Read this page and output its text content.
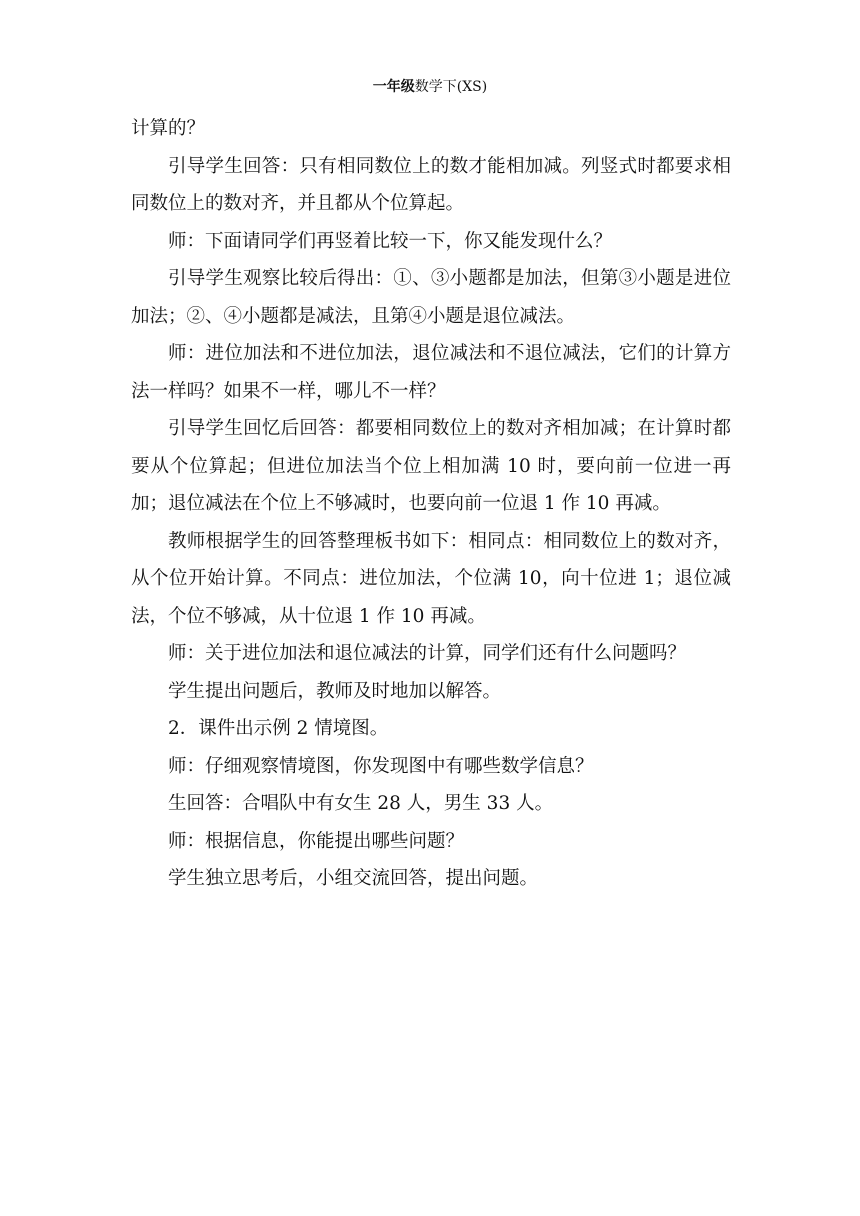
一年级数学下(XS)

计算的？

引导学生回答：只有相同数位上的数才能相加减。列竖式时都要求相同数位上的数对齐，并且都从个位算起。

师：下面请同学们再竖着比较一下，你又能发现什么？

引导学生观察比较后得出：①、③小题都是加法，但第③小题是进位加法；②、④小题都是减法，且第④小题是退位减法。

师：进位加法和不进位加法，退位减法和不退位减法，它们的计算方法一样吗？如果不一样，哪儿不一样？

引导学生回忆后回答：都要相同数位上的数对齐相加减；在计算时都要从个位算起；但进位加法当个位上相加满 10 时，要向前一位进一再加；退位减法在个位上不够减时，也要向前一位退 1 作 10 再减。

教师根据学生的回答整理板书如下：相同点：相同数位上的数对齐，从个位开始计算。不同点：进位加法，个位满 10，向十位进 1；退位减法，个位不够减，从十位退 1 作 10 再减。

师：关于进位加法和退位减法的计算，同学们还有什么问题吗？

学生提出问题后，教师及时地加以解答。

2．课件出示例 2 情境图。

师：仔细观察情境图，你发现图中有哪些数学信息？

生回答：合唱队中有女生 28 人，男生 33 人。

师：根据信息，你能提出哪些问题？

学生独立思考后，小组交流回答，提出问题。
